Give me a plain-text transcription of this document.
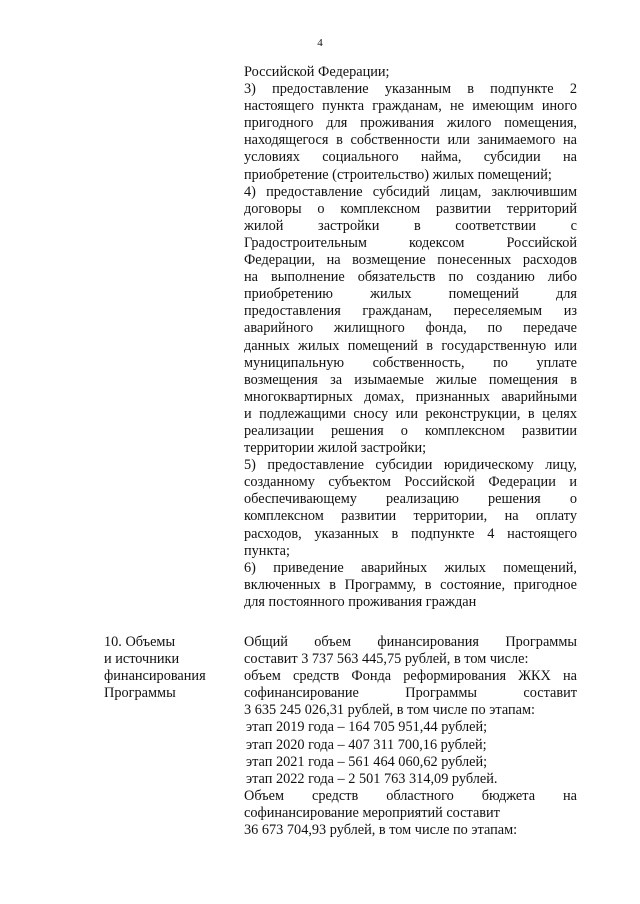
4
Российской Федерации;
3) предоставление указанным в подпункте 2
настоящего пункта гражданам, не имеющим иного
пригодного для проживания жилого помещения,
находящегося в собственности или занимаемого на
условиях социального найма, субсидии на
приобретение (строительство) жилых помещений;
4) предоставление субсидий лицам, заключившим
договоры о комплексном развитии территорий
жилой застройки в соответствии с
Градостроительным кодексом Российской
Федерации, на возмещение понесенных расходов
на выполнение обязательств по созданию либо
приобретению жилых помещений для
предоставления гражданам, переселяемым из
аварийного жилищного фонда, по передаче
данных жилых помещений в государственную или
муниципальную собственность, по уплате
возмещения за изымаемые жилые помещения в
многоквартирных домах, признанных аварийными
и подлежащими сносу или реконструкции, в целях
реализации решения о комплексном развитии
территории жилой застройки;
5) предоставление субсидии юридическому лицу,
созданному субъектом Российской Федерации и
обеспечивающему реализацию решения о
комплексном развитии территории, на оплату
расходов, указанных в подпункте 4 настоящего
пункта;
6) приведение аварийных жилых помещений,
включенных в Программу, в состояние, пригодное
для постоянного проживания граждан
10. Объемы
и источники
финансирования
Программы
Общий объем финансирования Программы
составит 3 737 563 445,75 рублей, в том числе:
объем средств Фонда реформирования ЖКХ на
софинансирование Программы составит
3 635 245 026,31 рублей, в том числе по этапам:
этап 2019 года – 164 705 951,44 рублей;
этап 2020 года – 407 311 700,16 рублей;
этап 2021 года – 561 464 060,62 рублей;
этап 2022 года – 2 501 763 314,09 рублей.
Объем средств областного бюджета на
софинансирование мероприятий составит
36 673 704,93 рублей, в том числе по этапам:
